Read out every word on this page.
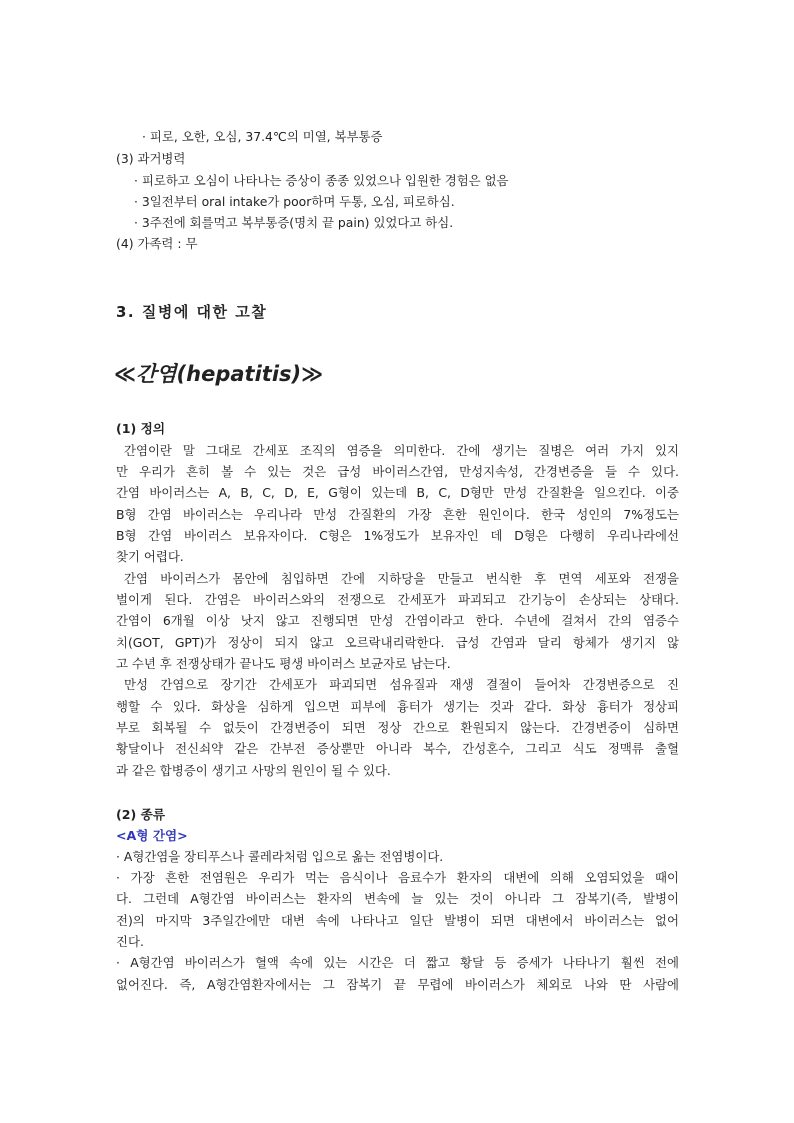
· 피로, 오한, 오심, 37.4℃의 미열, 복부통증
(3) 과거병력
· 피로하고 오심이 나타나는 증상이 종종 있었으나 입원한 경험은 없음
· 3일전부터 oral intake가 poor하며 두통, 오심, 피로하심.
· 3주전에 회를먹고 복부통증(명치 끝 pain) 있었다고 하심.
(4) 가족력 : 무
3. 질병에 대한 고찰
≪간염(hepatitis)≫
(1) 정의
간염이란 말 그대로 간세포 조직의 염증을 의미한다. 간에 생기는 질병은 여러 가지 있지
만 우리가 흔히 볼 수 있는 것은 급성 바이러스간염, 만성지속성, 간경변증을 들 수 있다.
간염 바이러스는 A, B, C, D, E, G형이 있는데 B, C, D형만 만성 간질환을 일으킨다. 이중
B형 간염 바이러스는 우리나라 만성 간질환의 가장 흔한 원인이다. 한국 성인의 7%정도는
B형 간염 바이러스 보유자이다. C형은 1%정도가 보유자인 데 D형은 다행히 우리나라에선
찾기 어렵다.
간염 바이러스가 몸안에 침입하면 간에 지하당을 만들고 번식한 후 면역 세포와 전쟁을
벌이게 된다. 간염은 바이러스와의 전쟁으로 간세포가 파괴되고 간기능이 손상되는 상태다.
간염이 6개월 이상 낫지 않고 진행되면 만성 간염이라고 한다. 수년에 걸쳐서 간의 염증수
치(GOT, GPT)가 정상이 되지 않고 오르락내리락한다. 급성 간염과 달리 항체가 생기지 않
고 수년 후 전쟁상태가 끝나도 평생 바이러스 보균자로 남는다.
만성 간염으로 장기간 간세포가 파괴되면 섬유질과 재생 결절이 들어차 간경변증으로 진
행할 수 있다. 화상을 심하게 입으면 피부에 흉터가 생기는 것과 같다. 화상 흉터가 정상피
부로 회복될 수 없듯이 간경변증이 되면 정상 간으로 환원되지 않는다. 간경변증이 심하면
황달이나 전신쇠약 같은 간부전 증상뿐만 아니라 복수, 간성혼수, 그리고 식도 정맥류 출혈
과 같은 합병증이 생기고 사망의 원인이 될 수 있다.
(2) 종류
<A형 간염>
· A형간염을 장티푸스나 콜레라처럼 입으로 옮는 전염병이다.
· 가장 흔한 전염원은 우리가 먹는 음식이나 음료수가 환자의 대변에 의해 오염되었을 때이
다. 그런데 A형간염 바이러스는 환자의 변속에 늘 있는 것이 아니라 그 잠복기(즉, 발병이
전)의 마지막 3주일간에만 대변 속에 나타나고 일단 발병이 되면 대변에서 바이러스는 없어
진다.
· A형간염 바이러스가 혈액 속에 있는 시간은 더 짧고 황달 등 증세가 나타나기 훨씬 전에
없어진다. 즉, A형간염환자에서는 그 잠복기 끝 무렵에 바이러스가 체외로 나와 딴 사람에
